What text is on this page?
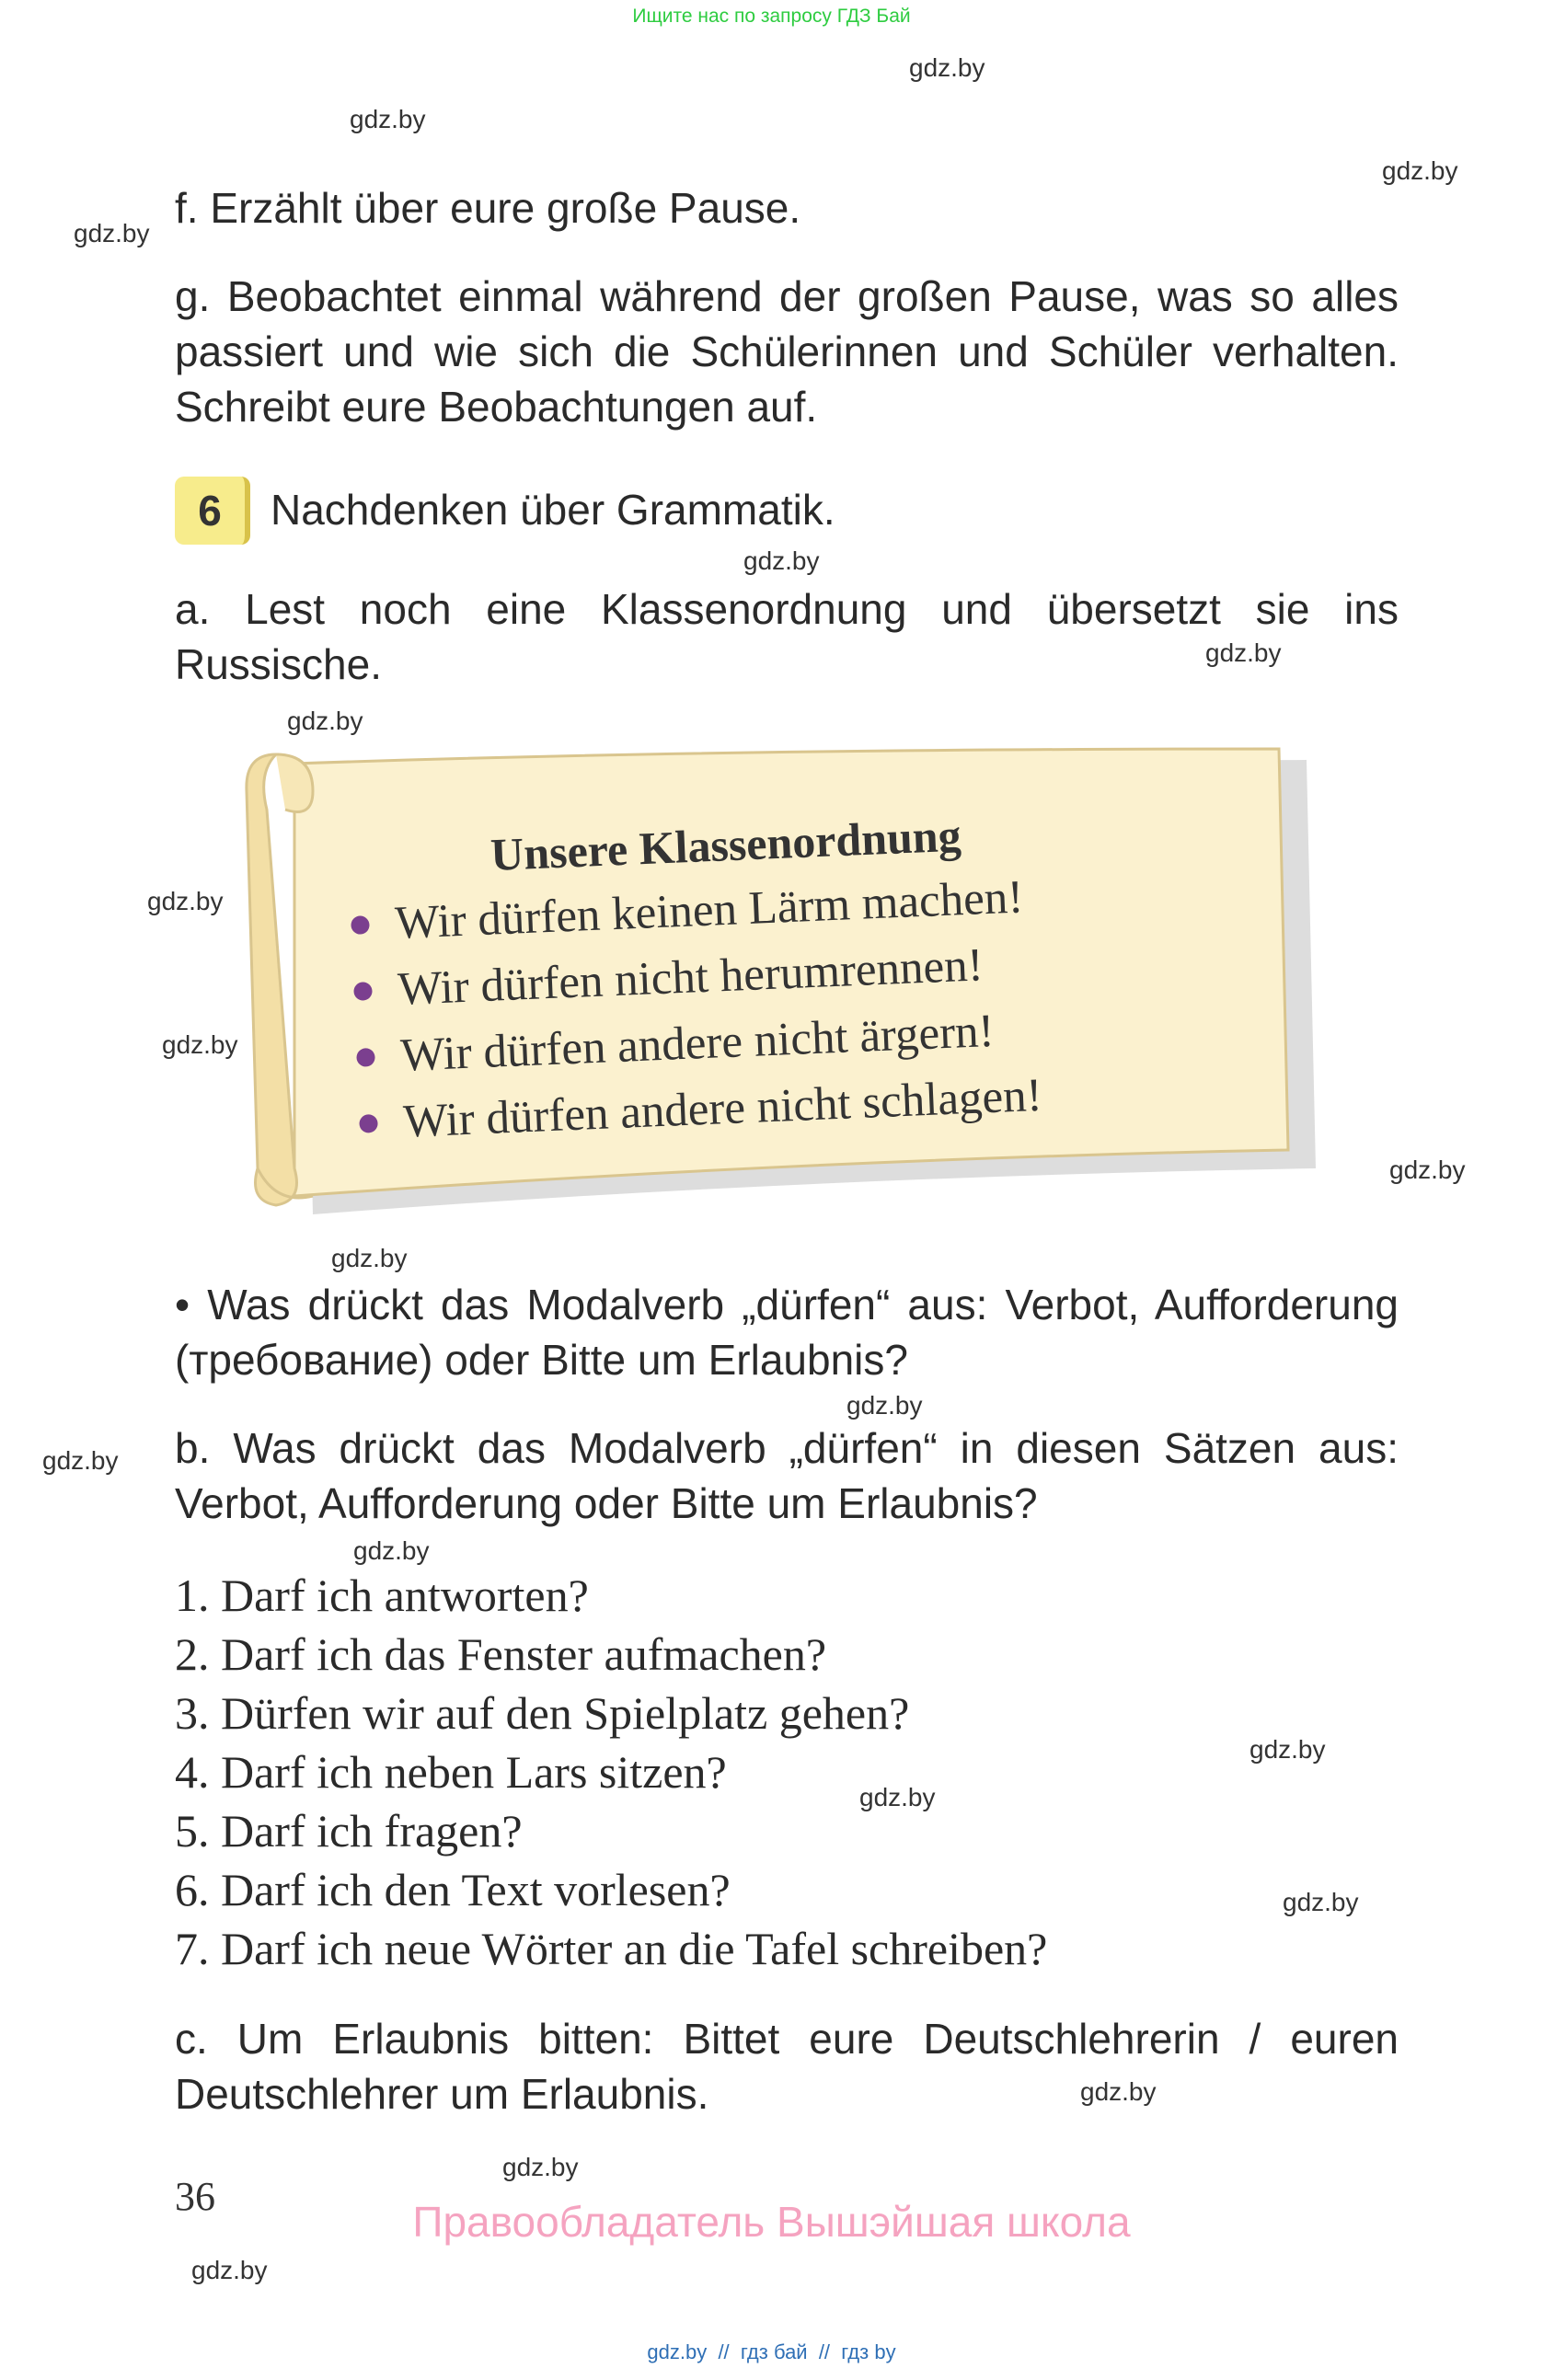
Ищите нас по запросу ГДЗ Бай
gdz.by
gdz.by
gdz.by
gdz.by
gdz.by
gdz.by
gdz.by
gdz.by
gdz.by
gdz.by
gdz.by
gdz.by
gdz.by
gdz.by
gdz.by
gdz.by
gdz.by
gdz.by
gdz.by
gdz.by
f. Erzählt über eure große Pause.
g. Beobachtet einmal während der großen Pause, was so alles passiert und wie sich die Schülerinnen und Schüler verhalten. Schreibt eure Beobachtungen auf.
6	Nachdenken über Grammatik.
a. Lest noch eine Klassenordnung und übersetzt sie ins Russische.
Unsere Klassenordnung
Wir dürfen keinen Lärm machen!
Wir dürfen nicht herumrennen!
Wir dürfen andere nicht ärgern!
Wir dürfen andere nicht schlagen!
• Was drückt das Modalverb „dürfen“ aus: Verbot, Aufforderung (требование) oder Bitte um Erlaubnis?
b. Was drückt das Modalverb „dürfen“ in diesen Sätzen aus: Verbot, Aufforderung oder Bitte um Erlaubnis?
1. Darf ich antworten?
2. Darf ich das Fenster aufmachen?
3. Dürfen wir auf den Spielplatz gehen?
4. Darf ich neben Lars sitzen?
5. Darf ich fragen?
6. Darf ich den Text vorlesen?
7. Darf ich neue Wörter an die Tafel schreiben?
c. Um Erlaubnis bitten: Bittet eure Deutschlehrerin / euren Deutschlehrer um Erlaubnis.
36
Правообладатель Вышэйшая школа
gdz.by  //  гдз бай  //  гдз by
